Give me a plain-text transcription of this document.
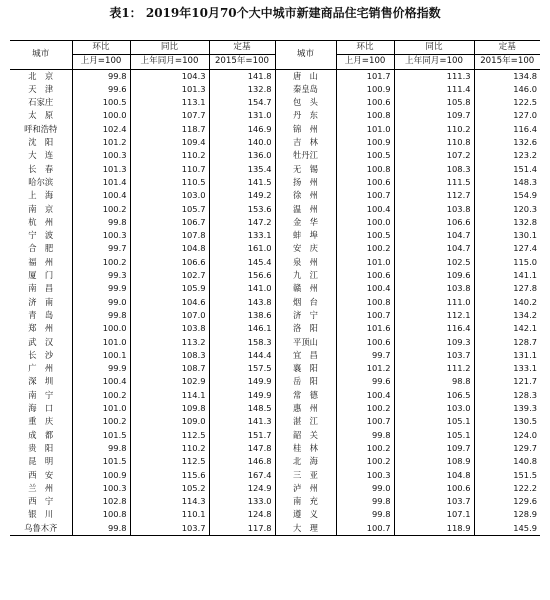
表1： 2019年10月70个大中城市新建商品住宅销售价格指数
城市	环比	同比	定基	城市	环比	同比	定基
	上月=100	上年同月=100	2015年=100		上月=100	上年同月=100	2015年=100
北　京	99.8	104.3	141.8	唐　山	101.7	111.3	134.8
天　津	99.6	101.3	132.8	秦皇岛	100.9	111.4	146.0
石家庄	100.5	113.1	154.7	包　头	100.6	105.8	122.5
太　原	100.0	107.7	131.0	丹　东	100.8	109.7	127.0
呼和浩特	102.4	118.7	146.9	锦　州	101.0	110.2	116.4
沈　阳	101.2	109.4	140.0	吉　林	100.9	110.8	132.6
大　连	100.3	110.2	136.0	牡丹江	100.5	107.2	123.2
长　春	101.3	110.7	135.4	无　锡	100.8	108.3	151.4
哈尔滨	101.4	110.5	141.5	扬　州	100.6	111.5	148.3
上　海	100.4	103.0	149.2	徐　州	100.7	112.7	154.9
南　京	100.2	105.7	153.6	温　州	100.4	103.8	120.3
杭　州	99.8	106.7	147.2	金　华	100.0	106.6	132.8
宁　波	100.3	107.8	133.1	蚌　埠	100.5	104.7	130.1
合　肥	99.7	104.8	161.0	安　庆	100.2	104.7	127.4
福　州	100.2	106.6	145.4	泉　州	101.0	102.5	115.0
厦　门	99.3	102.7	156.6	九　江	100.6	109.6	141.1
南　昌	99.9	105.9	141.0	赣　州	100.4	103.8	127.8
济　南	99.0	104.6	143.8	烟　台	100.8	111.0	140.2
青　岛	99.8	107.0	138.6	济　宁	100.7	112.1	134.2
郑　州	100.0	103.8	146.1	洛　阳	101.6	116.4	142.1
武　汉	101.0	113.2	158.3	平顶山	100.6	109.3	128.7
长　沙	100.1	108.3	144.4	宜　昌	99.7	103.7	131.1
广　州	99.9	108.7	157.5	襄　阳	101.2	111.2	133.1
深　圳	100.4	102.9	149.9	岳　阳	99.6	98.8	121.7
南　宁	100.2	114.1	149.9	常　德	100.4	106.5	128.3
海　口	101.0	109.8	148.5	惠　州	100.2	103.0	139.3
重　庆	100.2	109.0	141.3	湛　江	100.7	105.1	130.5
成　都	101.5	112.5	151.7	韶　关	99.8	105.1	124.0
贵　阳	99.8	110.2	147.8	桂　林	100.2	109.7	129.7
昆　明	101.5	112.5	146.8	北　海	100.2	108.9	140.8
西　安	100.9	115.6	167.4	三　亚	100.3	104.8	151.5
兰　州	100.3	105.2	124.9	泸　州	99.0	100.6	122.2
西　宁	102.8	114.3	133.0	南　充	99.8	103.7	129.6
银　川	100.8	110.1	124.8	遵　义	99.8	107.1	128.9
乌鲁木齐	99.8	103.7	117.8	大　理	100.7	118.9	145.9
